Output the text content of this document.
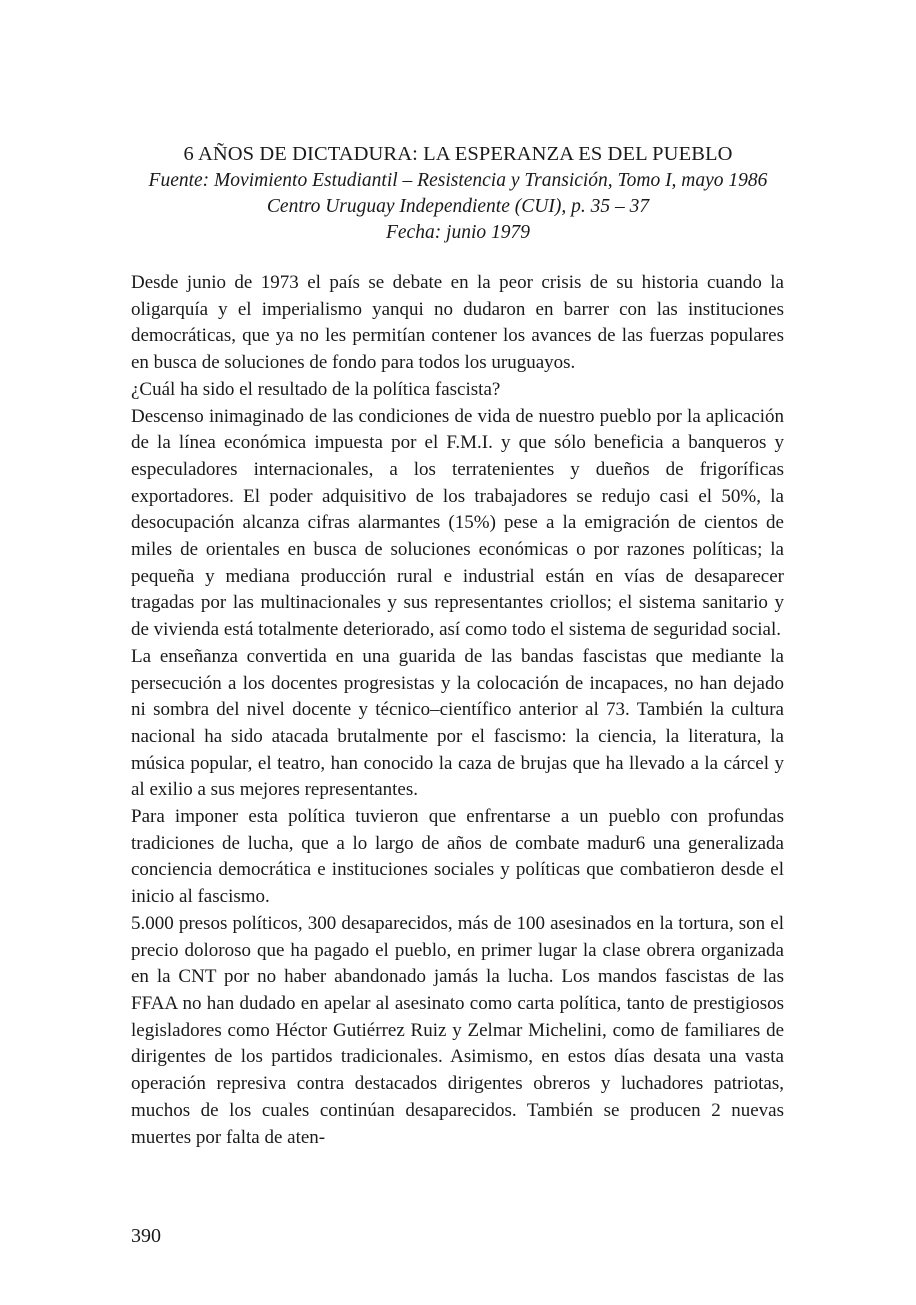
6 AÑOS DE DICTADURA: LA ESPERANZA ES DEL PUEBLO
Fuente: Movimiento Estudiantil – Resistencia y Transición, Tomo I, mayo 1986
Centro Uruguay Independiente (CUI), p. 35 – 37
Fecha: junio 1979

Desde junio de 1973 el país se debate en la peor crisis de su historia cuando la oligarquía y el imperialismo yanqui no dudaron en barrer con las instituciones democráticas, que ya no les permitían contener los avances de las fuerzas populares en busca de soluciones de fondo para todos los uruguayos.

¿Cuál ha sido el resultado de la política fascista?

Descenso inimaginado de las condiciones de vida de nuestro pueblo por la aplicación de la línea económica impuesta por el F.M.I. y que sólo beneficia a banqueros y especuladores internacionales, a los terratenientes y dueños de frigoríficas exportadores. El poder adquisitivo de los trabajadores se redujo casi el 50%, la desocupación alcanza cifras alarmantes (15%) pese a la emigración de cientos de miles de orientales en busca de soluciones económicas o por razones políticas; la pequeña y mediana producción rural e industrial están en vías de desaparecer tragadas por las multinacionales y sus representantes criollos; el sistema sanitario y de vivienda está totalmente deteriorado, así como todo el sistema de seguridad social.

La enseñanza convertida en una guarida de las bandas fascistas que mediante la persecución a los docentes progresistas y la colocación de incapaces, no han dejado ni sombra del nivel docente y técnico–científico anterior al 73. También la cultura nacional ha sido atacada brutalmente por el fascismo: la ciencia, la literatura, la música popular, el teatro, han conocido la caza de brujas que ha llevado a la cárcel y al exilio a sus mejores representantes.

Para imponer esta política tuvieron que enfrentarse a un pueblo con profundas tradiciones de lucha, que a lo largo de años de combate madur6 una generalizada conciencia democrática e instituciones sociales y políticas que combatieron desde el inicio al fascismo.

5.000 presos políticos, 300 desaparecidos, más de 100 asesinados en la tortura, son el precio doloroso que ha pagado el pueblo, en primer lugar la clase obrera organizada en la CNT por no haber abandonado jamás la lucha. Los mandos fascistas de las FFAA no han dudado en apelar al asesinato como carta política, tanto de prestigiosos legisladores como Héctor Gutiérrez Ruiz y Zelmar Michelini, como de familiares de dirigentes de los partidos tradicionales. Asimismo, en estos días desata una vasta operación represiva contra destacados dirigentes obreros y luchadores patriotas, muchos de los cuales continúan desaparecidos. También se producen 2 nuevas muertes por falta de aten-

390
